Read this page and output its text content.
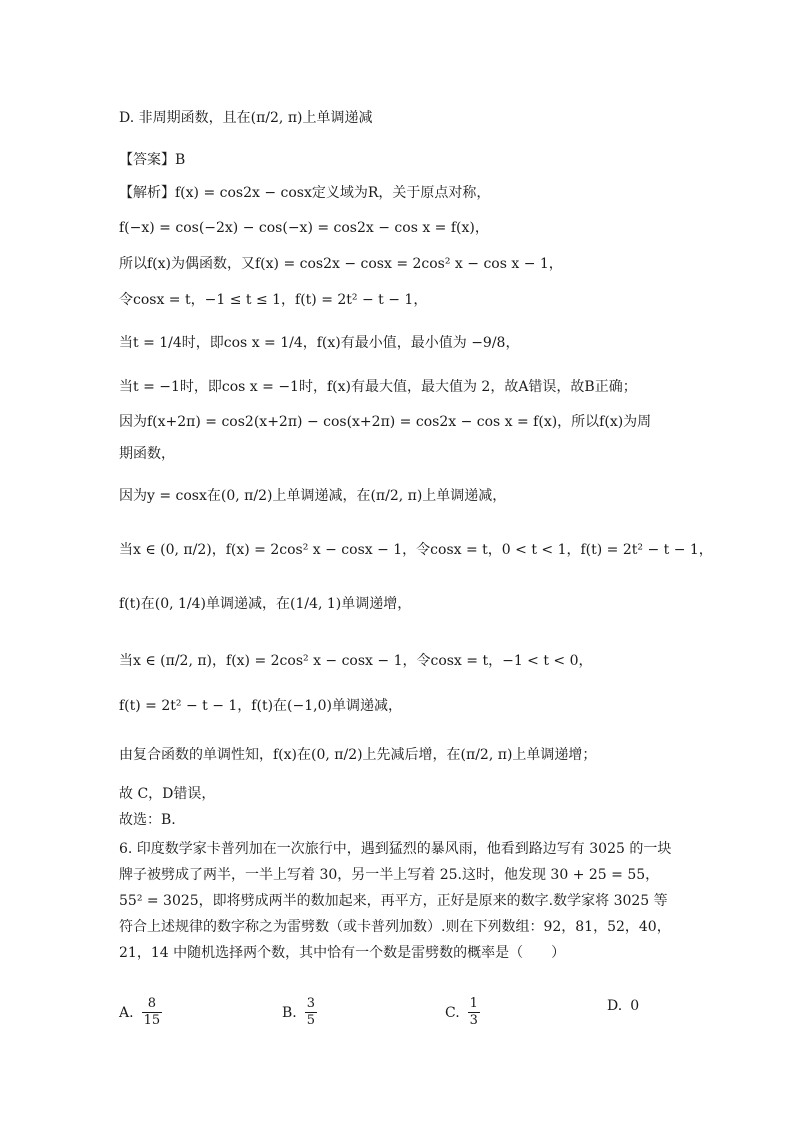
D. 非周期函数，且在(π/2, π)上单调递减
【答案】B
【解析】f(x) = cos2x − cosx定义域为R，关于原点对称，
f(−x) = cos(−2x) − cos(−x) = cos2x − cos x = f(x)，
所以f(x)为偶函数，又f(x) = cos2x − cosx = 2cos² x − cos x − 1，
令cosx = t，−1 ≤ t ≤ 1，f(t) = 2t² − t − 1，
当t = 1/4时，即cos x = 1/4，f(x)有最小值，最小值为 −9/8，
当t = −1时，即cos x = −1时，f(x)有最大值，最大值为 2，故A错误，故B正确；
因为f(x+2π) = cos2(x+2π) − cos(x+2π) = cos2x − cos x = f(x)，所以f(x)为周
期函数，
因为y = cosx在(0, π/2)上单调递减，在(π/2, π)上单调递减，
当x ∈ (0, π/2)，f(x) = 2cos² x − cosx − 1，令cosx = t，0 < t < 1，f(t) = 2t² − t − 1，
f(t)在(0, 1/4)单调递减，在(1/4, 1)单调递增，
当x ∈ (π/2, π)，f(x) = 2cos² x − cosx − 1，令cosx = t，−1 < t < 0，
f(t) = 2t² − t − 1，f(t)在(−1,0)单调递减，
由复合函数的单调性知，f(x)在(0, π/2)上先减后增，在(π/2, π)上单调递增；
故 C，D错误，
故选：B.
6. 印度数学家卡普列加在一次旅行中，遇到猛烈的暴风雨，他看到路边写有 3025 的一块牌子被劈成了两半，一半上写着 30，另一半上写着 25.这时，他发现 30 + 25 = 55，55² = 3025，即将劈成两半的数加起来，再平方，正好是原来的数字.数学家将 3025 等符合上述规律的数字称之为雷劈数（或卡普列加数）.则在下列数组：92，81，52，40，21，14 中随机选择两个数，其中恰有一个数是雷劈数的概率是（　　）
A. $\frac{8}{15}$	B. $\frac{3}{5}$	C. $\frac{1}{3}$	D. 0
